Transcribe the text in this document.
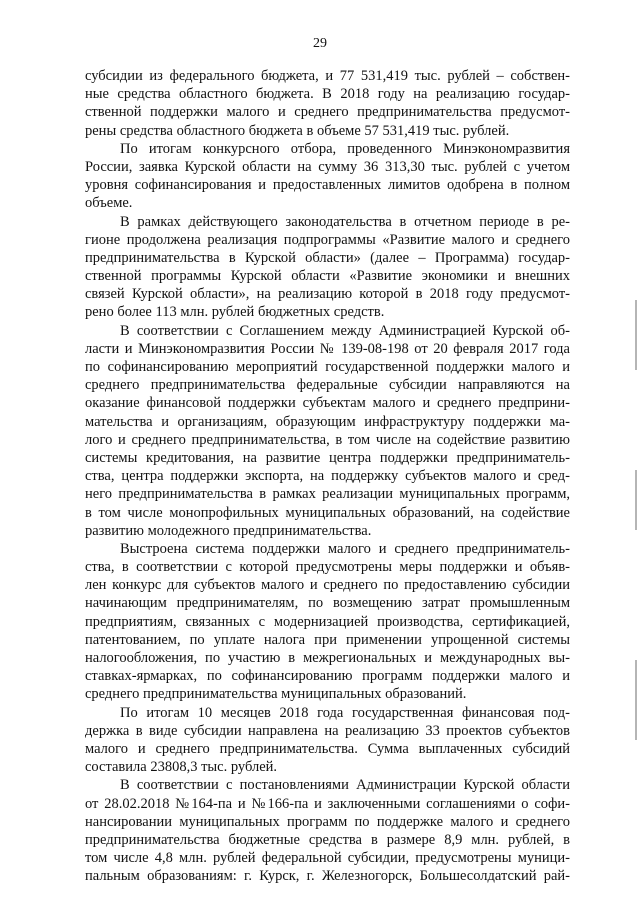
29
субсидии из федерального бюджета, и 77 531,419 тыс. рублей – собствен-
ные средства областного бюджета. В 2018 году на реализацию государ-
ственной поддержки малого и среднего предпринимательства предусмот-
рены средства областного бюджета в объеме 57 531,419 тыс. рублей.
По итогам конкурсного отбора, проведенного Минэкономразвития
России, заявка Курской области на сумму 36 313,30 тыс. рублей с учетом
уровня софинансирования и предоставленных лимитов одобрена в полном
объеме.
В рамках действующего законодательства в отчетном периоде в ре-
гионе продолжена реализация подпрограммы «Развитие малого и среднего
предпринимательства в Курской области» (далее – Программа) государ-
ственной программы Курской области «Развитие экономики и внешних
связей Курской области», на реализацию которой в 2018 году предусмот-
рено более 113 млн. рублей бюджетных средств.
В соответствии с Соглашением между Администрацией Курской об-
ласти и Минэкономразвития России № 139-08-198 от 20 февраля 2017 года
по софинансированию мероприятий государственной поддержки малого и
среднего предпринимательства федеральные субсидии направляются на
оказание финансовой поддержки субъектам малого и среднего предприни-
мательства и организациям, образующим инфраструктуру поддержки ма-
лого и среднего предпринимательства, в том числе на содействие развитию
системы кредитования, на развитие центра поддержки предприниматель-
ства, центра поддержки экспорта, на поддержку субъектов малого и сред-
него предпринимательства в рамках реализации муниципальных программ,
в том числе монопрофильных муниципальных образований, на содействие
развитию молодежного предпринимательства.
Выстроена система поддержки малого и среднего предприниматель-
ства, в соответствии с которой предусмотрены меры поддержки и объяв-
лен конкурс для субъектов малого и среднего по предоставлению субсидии
начинающим предпринимателям, по возмещению затрат промышленным
предприятиям, связанных с модернизацией производства, сертификацией,
патентованием, по уплате налога при применении упрощенной системы
налогообложения, по участию в межрегиональных и международных вы-
ставках-ярмарках, по софинансированию программ поддержки малого и
среднего предпринимательства муниципальных образований.
По итогам 10 месяцев 2018 года государственная финансовая под-
держка в виде субсидии направлена на реализацию 33 проектов субъектов
малого и среднего предпринимательства. Сумма выплаченных субсидий
составила 23808,3 тыс. рублей.
В соответствии с постановлениями Администрации Курской области
от 28.02.2018 №164-па и №166-па и заключенными соглашениями о софи-
нансировании муниципальных программ по поддержке малого и среднего
предпринимательства бюджетные средства в размере 8,9 млн. рублей, в
том числе 4,8 млн. рублей федеральной субсидии, предусмотрены муници-
пальным образованиям: г. Курск, г. Железногорск, Большесолдатский рай-
